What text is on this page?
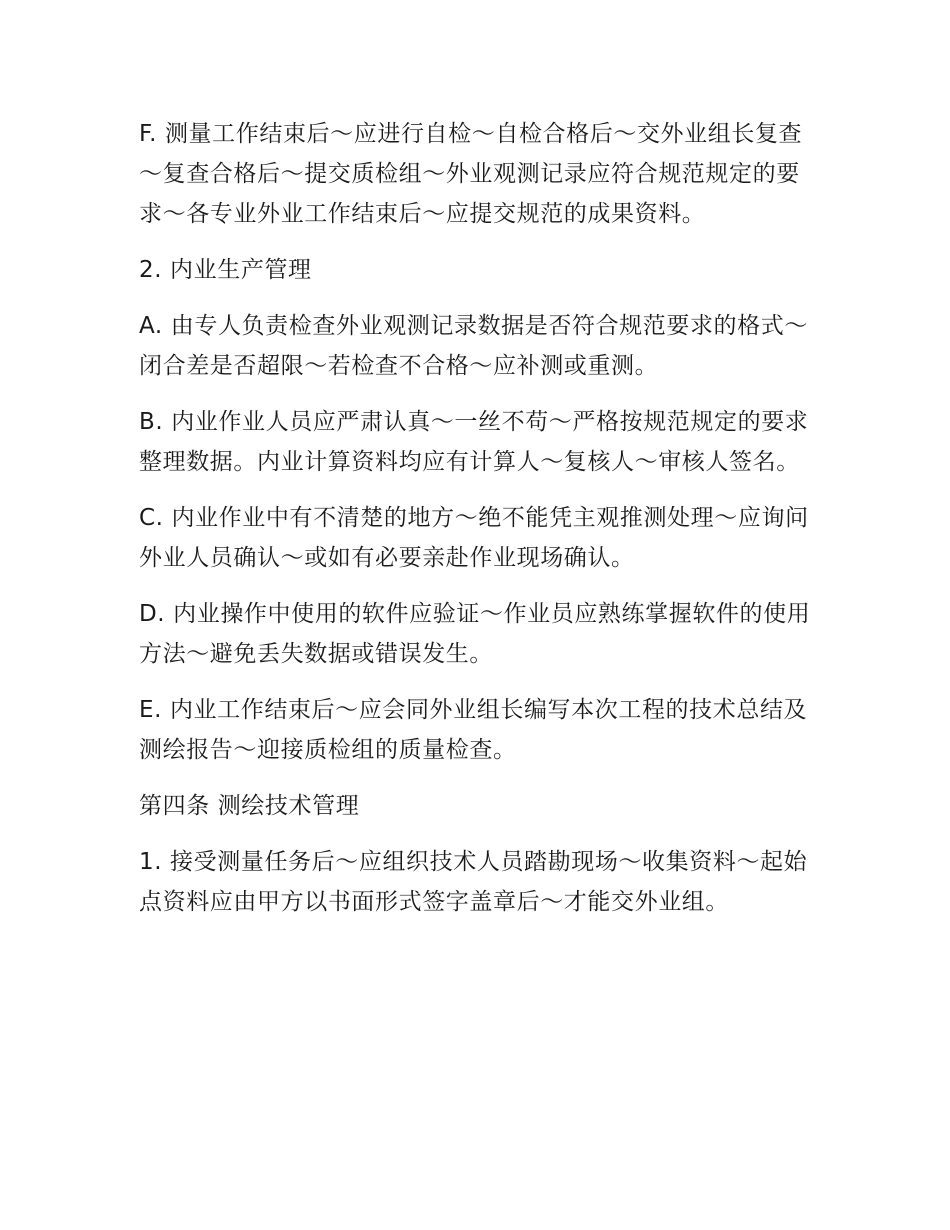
F. 测量工作结束后～应进行自检～自检合格后～交外业组长复查～复查合格后～提交质检组～外业观测记录应符合规范规定的要求～各专业外业工作结束后～应提交规范的成果资料。

2. 内业生产管理

A. 由专人负责检查外业观测记录数据是否符合规范要求的格式～闭合差是否超限～若检查不合格～应补测或重测。

B. 内业作业人员应严肃认真～一丝不苟～严格按规范规定的要求整理数据。内业计算资料均应有计算人～复核人～审核人签名。

C. 内业作业中有不清楚的地方～绝不能凭主观推测处理～应询问外业人员确认～或如有必要亲赴作业现场确认。

D. 内业操作中使用的软件应验证～作业员应熟练掌握软件的使用方法～避免丢失数据或错误发生。

E. 内业工作结束后～应会同外业组长编写本次工程的技术总结及测绘报告～迎接质检组的质量检查。

第四条 测绘技术管理

1. 接受测量任务后～应组织技术人员踏勘现场～收集资料～起始点资料应由甲方以书面形式签字盖章后～才能交外业组。
